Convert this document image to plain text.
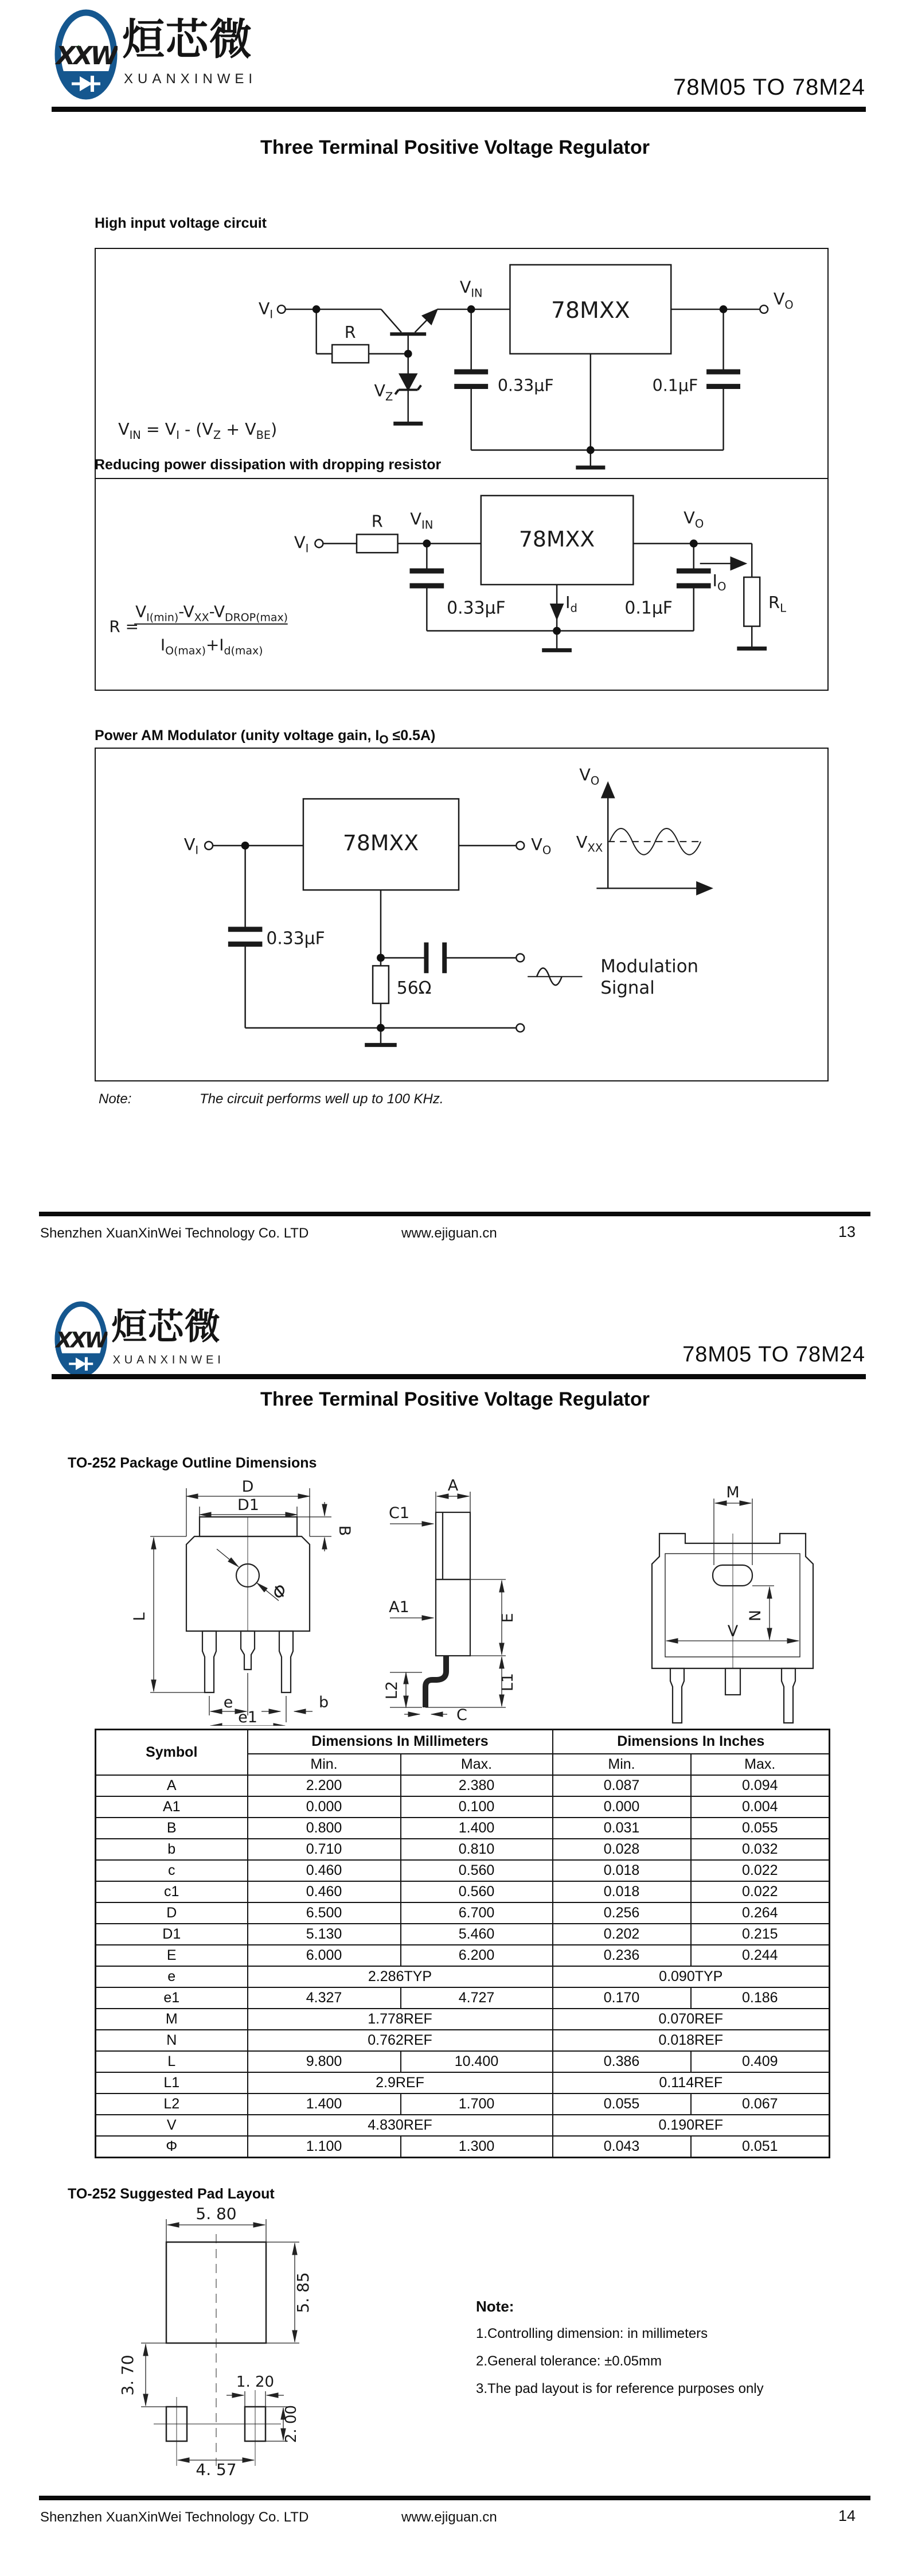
XXW 烜芯微
XUANXINWEI	78M05 TO 78M24
Three Terminal Positive Voltage Regulator
High input voltage circuit
$V_I$
R
$V_Z$
$V_{IN}$
78MXX
0.33µF	0.1µF
$V_O$
$V_{IN} = V_I - (V_Z + V_{BE})$
Reducing power dissipation with dropping resistor
$V_I$
R $V_{IN}$
78MXX
$V_O$
$I_O$
$R_L$
0.33µF	$I_d$	0.1µF
R =
$V_{I(min)}-V_{XX}-V_{DROP(max)}$
$I_{O(max)}+I_{d(max)}$
Power AM Modulator (unity voltage gain, $I_O \le 0.5A$)
$V_I$	78MXX	$V_O$
$V_O$
$V_{XX}$
0.33µF
56Ω
Modulation
Signal
Note:	The circuit performs well up to 100 KHz.
Shenzhen XuanXinWei Technology Co. LTD	www.ejiguan.cn	13
XXW 烜芯微
XUANXINWEI	78M05 TO 78M24
Three Terminal Positive Voltage Regulator
TO-252 Package Outline Dimensions
D
D1
B
L
Φ
e
e1
b
A
C1
A1
L2
E
L1
C
M
N
V
Symbol	Dimensions In Millimeters		Dimensions In Inches	
	Min.	Max.	Min.	Max.
A	2.200	2.380	0.087	0.094
A1	0.000	0.100	0.000	0.004
B	0.800	1.400	0.031	0.055
b	0.710	0.810	0.028	0.032
c	0.460	0.560	0.018	0.022
c1	0.460	0.560	0.018	0.022
D	6.500	6.700	0.256	0.264
D1	5.130	5.460	0.202	0.215
E	6.000	6.200	0.236	0.244
e	2.286TYP		0.090TYP	
e1	4.327	4.727	0.170	0.186
M	1.778REF		0.070REF	
N	0.762REF		0.018REF	
L	9.800	10.400	0.386	0.409
L1	2.9REF		0.114REF	
L2	1.400	1.700	0.055	0.067
V	4.830REF		0.190REF	
Φ	1.100	1.300	0.043	0.051
TO-252 Suggested Pad Layout
5. 80
5. 85
3. 70	1. 20
2. 00
4. 57
Note:
1.Controlling dimension: in millimeters
2.General tolerance: ±0.05mm
3.The pad layout is for reference purposes only
Shenzhen XuanXinWei Technology Co. LTD	www.ejiguan.cn	14
